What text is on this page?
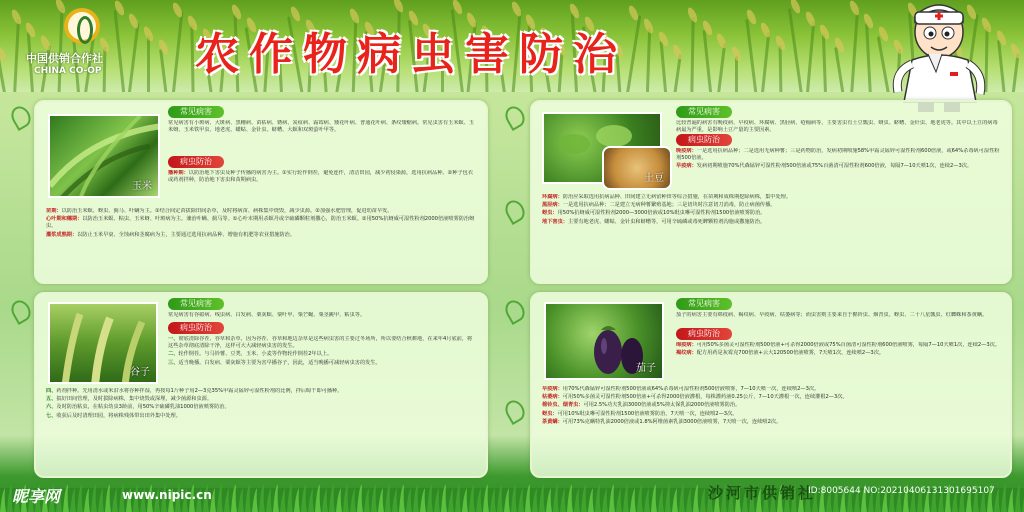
中国供销合作社
CHINA CO-OP 农作物病虫害防治
玉米
常见病害
常见病害有小斑病、大斑病、黑穗病、苗枯病、锈病、炭疽病、霜霉病、矮花叶病、普通花叶病、条纹矮缩病。常见虫害有玉米螟、玉米蚜、玉米铁甲虫、地老虎、蝼蛄、金针虫、蛴螬、大螟和双斑萤叶甲等。
病虫防治

播种期：以防治地下害虫及种子传播的病害为主。①实行轮作倒茬，避免连作，清洁田园，减少初侵染源，选用抗病品种。②种子包衣或药剂拌种，防治地下害虫和苗期病虫。

苗期：以防治玉米螟、蚜虫、蓟马、叶螨为主。①结合间定苗拔除田间杂草，及时将病苗、病株集中烧毁，减少虫源。②加强水肥管理，促进幼苗早发。

心叶期和穗期：以防治玉米螟、粘虫、玉米蚜、叶斑病为主。兼治叶螨、蓟马等。①心叶末期用杀螟丹或辛硫磷颗粒剂撒心，防治玉米螟。②用50%抗蚜威可湿性粉剂2000倍液喷雾防治蚜虫。

灌浆成熟期：以防止玉米早衰、全蚀病和茎腐病为主，主要通过选用抗病品种、增施有机肥等农业措施防治。

土豆
常见病害
比较普遍的病害有晚疫病、早疫病、环腐病、黑胫病、疮痂病等，主要害虫有土豆瓢虫、蚜虫、蛴螬、金针虫、地老虎等。其中以土豆的病毒病最为严重，是影响土豆产量的主要因素。
病虫防治

晚疫病：一是选用抗病品种；二是选用无病种薯；三是药物防治，发病初期喷施58%甲霜灵锰锌可湿性粉剂600倍液，或64%杀毒矾可湿性粉剂500倍液。

早疫病：发病初期喷施70%代森锰锌可湿性粉剂500倍液或75%百菌清可湿性粉剂600倍液，每隔7—10天喷1次，连续2—3次。

环腐病：防治应采取选用抗病品种、田间建立无病留种田等综合措施，在苗期和成株期挖除病株，集中处理。

黑胫病：一是选用抗病品种；二是建立无病种薯繁殖基地；三是切块时注意切刀消毒，防止病菌传播。

蚜虫：用50%抗蚜威可湿性粉剂2000—3000倍液或10%吡虫啉可湿性粉剂1500倍液喷雾防治。

地下害虫：主要有地老虎、蝼蛄、金针虫和蛴螬等，可用辛硫磷或毒死蜱颗粒剂沟施或撒施防治。

谷子
常见病害
常见病害有谷瘟病、线虫病、白发病、粟灰螟、粟叶甲、粟芒蝇、粟茎跳甲、粘虫等。
病虫防治

一、彻底清除谷茬、谷草和杂草，因为谷茬、谷草和地边杂草是这些病虫害的主要过冬场所，所以要结合秋耕地，在来年4月底前，将这些杂草彻底清除干净，这样可大大减轻病虫害的发生。

二、轮作倒茬。与马铃薯、豆类、玉米、小麦等作物轮作倒茬2年以上。

三、适当晚播。白发病、粟灰螟等主要为害早播谷子，因此，适当晚播可减轻病虫害的发生。

四、药剂拌种。先用清水或米泔水将谷种拌湿，再按每1斤种子用2—3克35%甲霜灵锰锌可湿性粉剂的比例，拌后晾干即可播种。

五、搞好田间管理，及时拔除病株，集中烧毁或深埋，减少菌源和虫源。

六、及时防治粘虫，在粘虫幼虫3龄前，用50%辛硫磷乳油1000倍液喷雾防治。

七、收获后及时清理田园，将病株残体带出田外集中处理。

茄子
常见病害
茄子的病害主要有绵疫病、褐纹病、早疫病、枯萎病等；而虫害则主要来自于棉铃虫、烟青虫、蚜虫、二十八星瓢虫、红蜘蛛和茶黄螨。
病虫防治

绵疫病：可用50%多菌灵可湿性粉剂500倍液+可杀得2000倍液或75%百菌清可湿性粉剂600倍液喷雾，每隔7—10天喷1次，连续2—3次。

褐纹病：配方用药是灰霉克700倍液+云大120500倍液喷雾，7天喷1次，连续喷2—3次。

早疫病：用70%代森锰锌可湿性粉剂500倍液或64%杀毒矾可湿性粉剂500倍液喷雾，7—10天喷一次，连续喷2—3次。

枯萎病：可用50%多菌灵可湿性粉剂500倍液+可杀得2000倍液灌根，每株灌药液0.25公斤，7—10天灌根一次，连续灌根2—3次。

棉铃虫、烟青虫：可用2.5%功夫乳油3000倍液或5%抑太保乳油2000倍液喷雾防治。

蚜虫：可用10%吡虫啉可湿性粉剂1500倍液喷雾防治，7天喷一次，连续喷2—3次。

茶黄螨：可用73%克螨特乳油2000倍液或1.8%阿维菌素乳油3000倍液喷雾，7天喷一次，连续喷2次。

昵享网	www.nipic.cn	沙河市供销社
ID:8005644 NO:20210406131301695107
